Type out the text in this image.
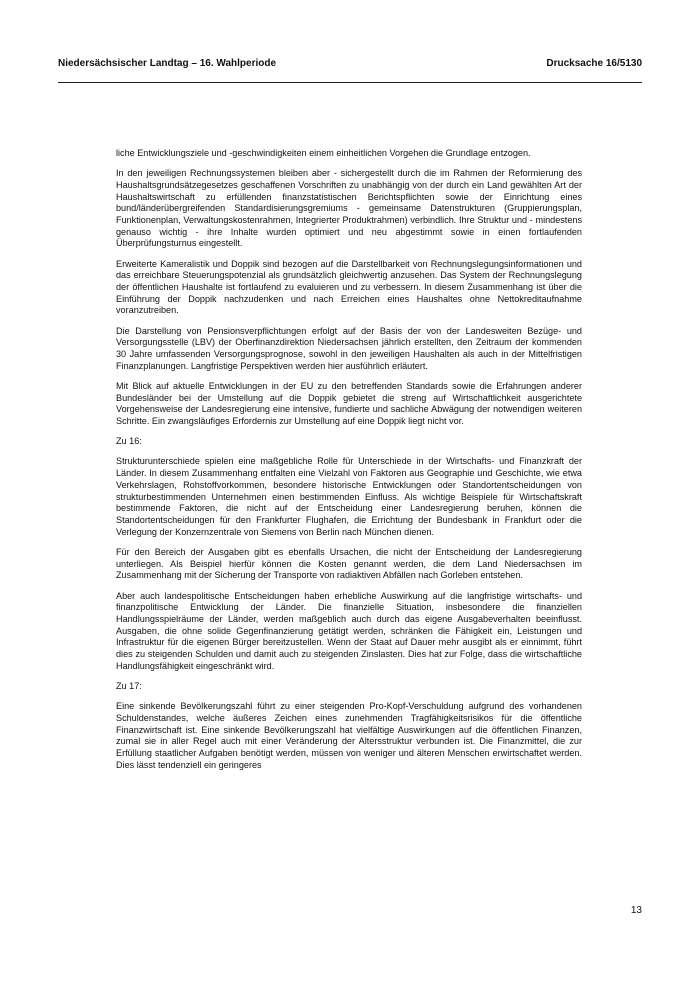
Niedersächsischer Landtag – 16. Wahlperiode	Drucksache 16/5130

liche Entwicklungsziele und -geschwindigkeiten einem einheitlichen Vorgehen die Grundlage entzogen.

In den jeweiligen Rechnungssystemen bleiben aber - sichergestellt durch die im Rahmen der Reformierung des Haushaltsgrundsätzegesetzes geschaffenen Vorschriften zu unabhängig von der durch ein Land gewählten Art der Haushaltswirtschaft zu erfüllenden finanzstatistischen Berichtspflichten sowie der Einrichtung eines bund/länderübergreifenden Standardisierungsgremiums - gemeinsame Datenstrukturen (Gruppierungsplan, Funktionenplan, Verwaltungskostenrahmen, Integrierter Produktrahmen) verbindlich. Ihre Struktur und - mindestens genauso wichtig - ihre Inhalte wurden optimiert und neu abgestimmt sowie in einen fortlaufenden Überprüfungsturnus eingestellt.

Erweiterte Kameralistik und Doppik sind bezogen auf die Darstellbarkeit von Rechnungslegungsinformationen und das erreichbare Steuerungspotenzial als grundsätzlich gleichwertig anzusehen. Das System der Rechnungslegung der öffentlichen Haushalte ist fortlaufend zu evaluieren und zu verbessern. In diesem Zusammenhang ist über die Einführung der Doppik nachzudenken und nach Erreichen eines Haushaltes ohne Nettokreditaufnahme voranzutreiben.

Die Darstellung von Pensionsverpflichtungen erfolgt auf der Basis der von der Landesweiten Bezüge- und Versorgungsstelle (LBV) der Oberfinanzdirektion Niedersachsen jährlich erstellten, den Zeitraum der kommenden 30 Jahre umfassenden Versorgungsprognose, sowohl in den jeweiligen Haushalten als auch in der Mittelfristigen Finanzplanungen. Langfristige Perspektiven werden hier ausführlich erläutert.

Mit Blick auf aktuelle Entwicklungen in der EU zu den betreffenden Standards sowie die Erfahrungen anderer Bundesländer bei der Umstellung auf die Doppik gebietet die streng auf Wirtschaftlichkeit ausgerichtete Vorgehensweise der Landesregierung eine intensive, fundierte und sachliche Abwägung der notwendigen weiteren Schritte. Ein zwangsläufiges Erfordernis zur Umstellung auf eine Doppik liegt nicht vor.

Zu 16:

Strukturunterschiede spielen eine maßgebliche Rolle für Unterschiede in der Wirtschafts- und Finanzkraft der Länder. In diesem Zusammenhang entfalten eine Vielzahl von Faktoren aus Geographie und Geschichte, wie etwa Verkehrslagen, Rohstoffvorkommen, besondere historische Entwicklungen oder Standortentscheidungen von strukturbestimmenden Unternehmen einen bestimmenden Einfluss. Als wichtige Beispiele für Wirtschaftskraft bestimmende Faktoren, die nicht auf der Entscheidung einer Landesregierung beruhen, können die Standortentscheidungen für den Frankfurter Flughafen, die Errichtung der Bundesbank in Frankfurt oder die Verlegung der Konzernzentrale von Siemens von Berlin nach München dienen.

Für den Bereich der Ausgaben gibt es ebenfalls Ursachen, die nicht der Entscheidung der Landesregierung unterliegen. Als Beispiel hierfür können die Kosten genannt werden, die dem Land Niedersachsen im Zusammenhang mit der Sicherung der Transporte von radiaktiven Abfällen nach Gorleben entstehen.

Aber auch landespolitische Entscheidungen haben erhebliche Auswirkung auf die langfristige wirtschafts- und finanzpolitische Entwicklung der Länder. Die finanzielle Situation, insbesondere die finanziellen Handlungsspielräume der Länder, werden maßgeblich auch durch das eigene Ausgabeverhalten beeinflusst. Ausgaben, die ohne solide Gegenfinanzierung getätigt werden, schränken die Fähigkeit ein, Leistungen und Infrastruktur für die eigenen Bürger bereitzustellen. Wenn der Staat auf Dauer mehr ausgibt als er einnimmt, führt dies zu steigenden Schulden und damit auch zu steigenden Zinslasten. Dies hat zur Folge, dass die wirtschaftliche Handlungsfähigkeit eingeschränkt wird.

Zu 17:

Eine sinkende Bevölkerungszahl führt zu einer steigenden Pro-Kopf-Verschuldung aufgrund des vorhandenen Schuldenstandes, welche äußeres Zeichen eines zunehmenden Tragfähigkeitsrisikos für die öffentliche Finanzwirtschaft ist. Eine sinkende Bevölkerungszahl hat vielfältige Auswirkungen auf die öffentlichen Finanzen, zumal sie in aller Regel auch mit einer Veränderung der Altersstruktur verbunden ist. Die Finanzmittel, die zur Erfüllung staatlicher Aufgaben benötigt werden, müssen von weniger und älteren Menschen erwirtschaftet werden. Dies lässt tendenziell ein geringeres

13
